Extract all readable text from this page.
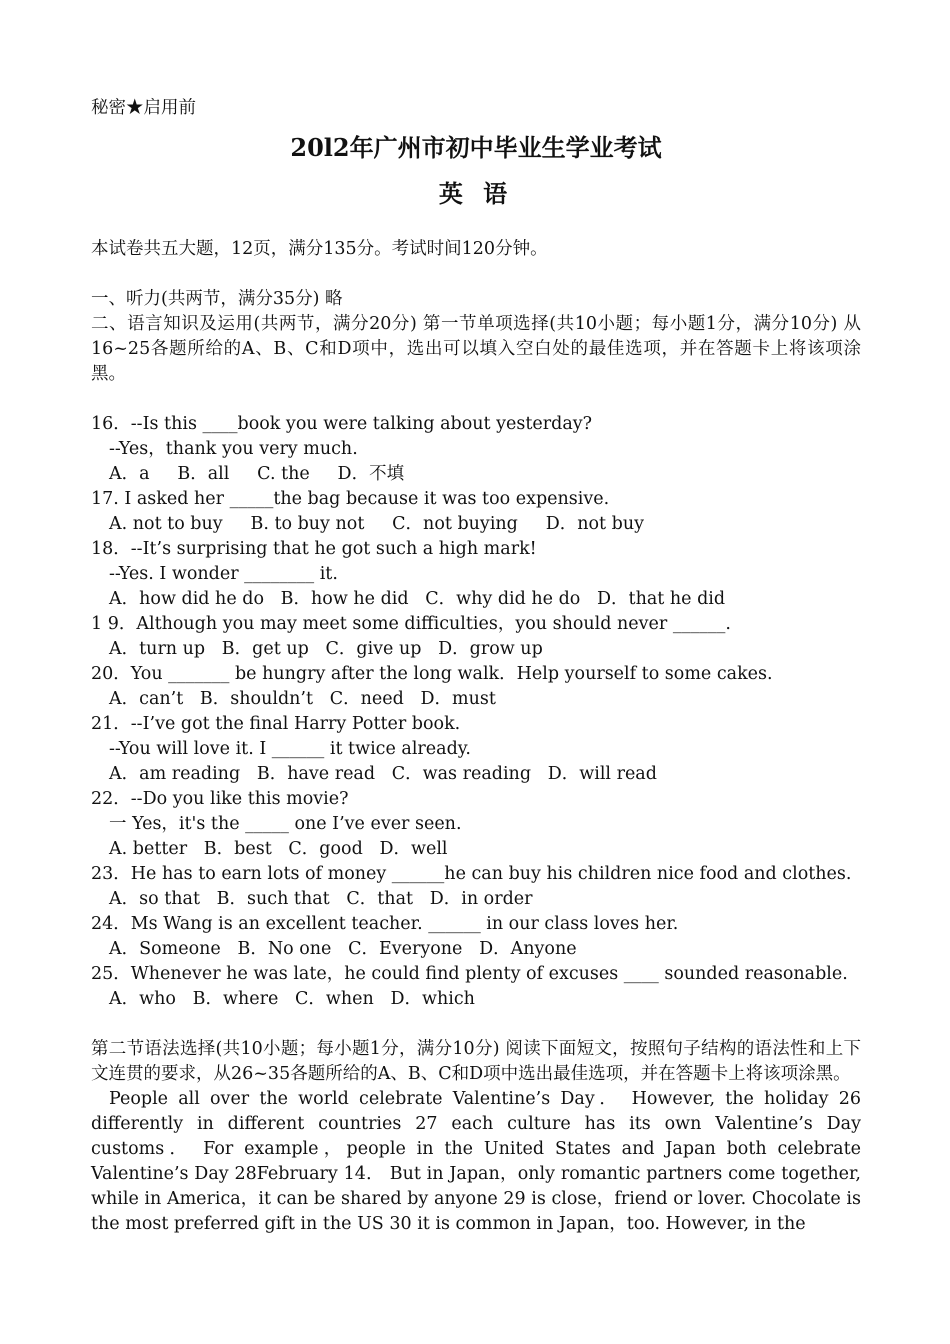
秘密★启用前
20l2年广州市初中毕业生学业考试
英 语
本试卷共五大题，12页，满分135分。考试时间120分钟。
一、听力(共两节，满分35分) 略
二、语言知识及运用(共两节，满分20分) 第一节单项选择(共10小题；每小题1分，满分10分) 从16~25各题所给的A、B、C和D项中，选出可以填入空白处的最佳选项，并在答题卡上将该项涂黑。
16．--Is this ____book you were talking about yesterday?
--Yes，thank you very much.
A．a     B．all     C. the     D．不填
17. I asked her _____the bag because it was too expensive.
A. not to buy     B. to buy not     C．not buying     D．not buy
18．--It’s surprising that he got such a high mark!
--Yes. I wonder ________ it.
A．how did he do   B．how he did   C．why did he do   D．that he did
1 9．Although you may meet some difficulties，you should never ______.
A．turn up   B．get up   C．give up   D．grow up
20．You _______ be hungry after the long walk．Help yourself to some cakes.
A．can’t   B．shouldn’t   C．need   D．must
21．--I’ve got the final Harry Potter book.
--You will love it. I ______ it twice already.
A．am reading   B．have read   C．was reading   D．will read
22．--Do you like this movie?
一 Yes，it's the _____ one I’ve ever seen.
A. better   B．best   C．good   D．well
23．He has to earn lots of money ______he can buy his children nice food and clothes.
A．so that   B．such that   C．that   D．in order
24．Ms Wang is an excellent teacher. ______ in our class loves her.
A．Someone   B．No one   C．Everyone   D．Anyone
25．Whenever he was late，he could find plenty of excuses ____ sounded reasonable.
A．who   B．where   C．when   D．which
第二节语法选择(共10小题；每小题1分，满分10分) 阅读下面短文，按照句子结构的语法性和上下文连贯的要求，从26~35各题所给的A、B、C和D项中选出最佳选项，并在答题卡上将该项涂黑。
People all over the world celebrate Valentine’s Day． However, the holiday 26 differently in different countries 27 each culture has its own Valentine’s Day customs． For example，people in the United States and Japan both celebrate Valentine’s Day 28February 14． But in Japan，only romantic partners come together, while in America，it can be shared by anyone 29 is close，friend or lover. Chocolate is the most preferred gift in the US 30 it is common in Japan，too. However, in the
